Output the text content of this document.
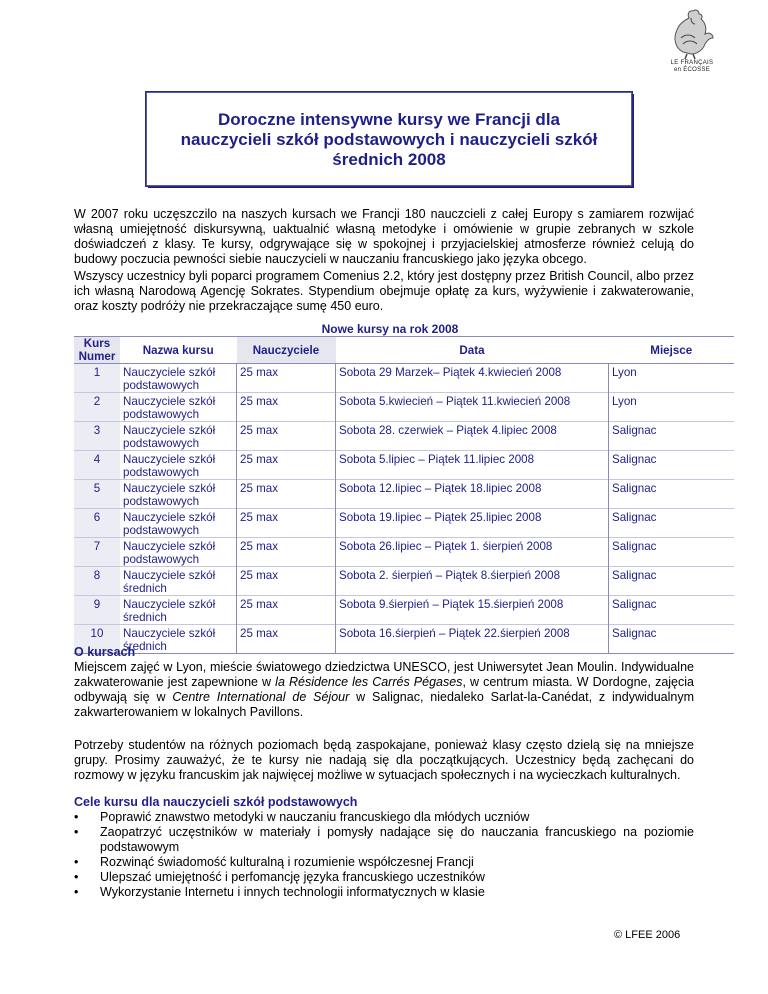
LE FRANÇAIS
en ÉCOSSE
Doroczne intensywne kursy we Francji dla
nauczycieli szkół podstawowych i nauczycieli szkół
średnich 2008
W 2007 roku uczęszczilo na naszych kursach we Francji 180 nauczcieli z całej Europy s zamiarem rozwijać własną umiejętność diskursywną, uaktualnić własną metodyke i omówienie w grupie zebranych w szkole doświadczeń z klasy. Te kursy, odgrywające się w spokojnej i przyjacielskiej atmosferze również celują do budowy poczucia pewności siebie nauczycieli w nauczaniu francuskiego jako języka obcego.
Wszyscy uczestnicy byli poparci programem Comenius 2.2, który jest dostępny przez British Council, albo przez ich własną Narodową Agencję Sokrates. Stypendium obejmuje opłatę za kurs, wyżywienie i zakwaterowanie, oraz koszty podróży nie przekraczające sumę 450 euro.
Nowe kursy na rok 2008
Kurs Numer	Nazwa kursu	Nauczyciele	Data	Miejsce
1	Nauczyciele szkół podstawowych	25 max	Sobota 29 Marzek– Piątek 4.kwiecień 2008	Lyon
2	Nauczyciele szkół podstawowych	25 max	Sobota 5.kwiecień – Piątek 11.kwiecień 2008	Lyon
3	Nauczyciele szkół podstawowych	25 max	Sobota 28. czerwiek – Piątek 4.lipiec 2008	Salignac
4	Nauczyciele szkół podstawowych	25 max	Sobota 5.lipiec – Piątek 11.lipiec 2008	Salignac
5	Nauczyciele szkół podstawowych	25 max	Sobota 12.lipiec – Piątek 18.lipiec 2008	Salignac
6	Nauczyciele szkół podstawowych	25 max	Sobota 19.lipiec – Piątek 25.lipiec 2008	Salignac
7	Nauczyciele szkół podstawowych	25 max	Sobota 26.lipiec – Piątek 1. śierpień 2008	Salignac
8	Nauczyciele szkół średnich	25 max	Sobota 2. śierpień – Piątek 8.śierpień 2008	Salignac
9	Nauczyciele szkół średnich	25 max	Sobota 9.śierpień – Piątek 15.śierpień 2008	Salignac
10	Nauczyciele szkół średnich	25 max	Sobota 16.śierpień – Piątek 22.śierpień 2008	Salignac
O kursach
Miejscem zajęć w Lyon, mieście światowego dziedzictwa UNESCO, jest Uniwersytet Jean Moulin. Indywidualne zakwaterowanie jest zapewnione w la Résidence les Carrés Pégases, w centrum miasta. W Dordogne, zajęcia odbywają się w Centre International de Séjour w Salignac, niedaleko Sarlat-la-Canédat, z indywidualnym zakwarterowaniem w lokalnych Pavillons.
Potrzeby studentów na różnych poziomach będą zaspokajane, ponieważ klasy często dzielą się na mniejsze grupy. Prosimy zauważyć, że te kursy nie nadają się dla początkujących. Uczestnicy będą zachęcani do rozmowy w języku francuskim jak najwięcej możliwe w sytuacjach społecznych i na wycieczkach kulturalnych.
Cele kursu dla nauczycieli szkół podstawowych
• Poprawić znawstwo metodyki w nauczaniu francuskiego dla młódych uczniów
• Zaopatrzyć uczęstników w materiały i pomysły nadające się do nauczania francuskiego na poziomie podstawowym
• Rozwinąć świadomość kulturalną i rozumienie współczesnej Francji
• Ulepszać umiejętność i perfomancję języka francuskiego uczestników
• Wykorzystanie Internetu i innych technologii informatycznych w klasie
© LFEE 2006
